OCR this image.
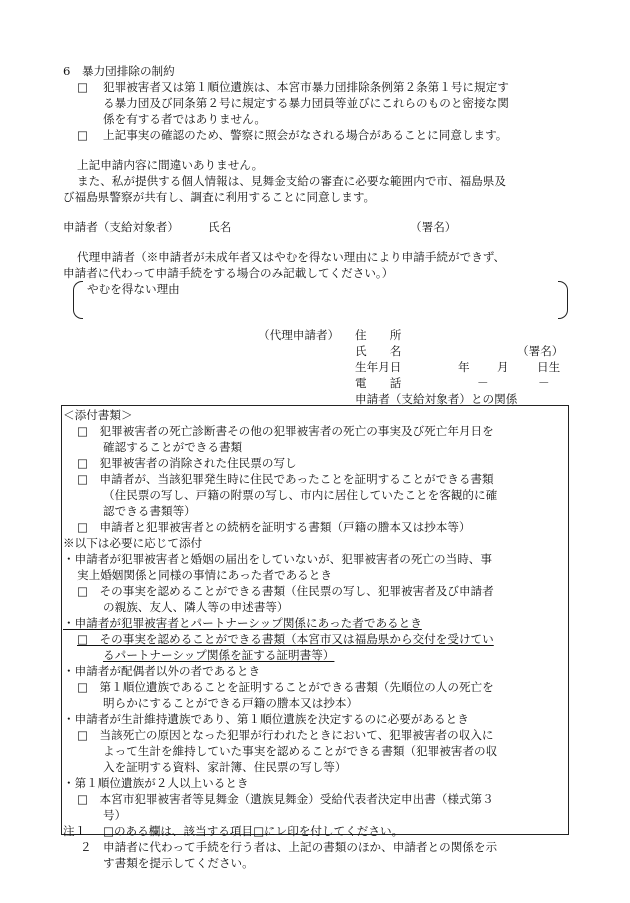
6　暴力団排除の制約
□ 犯罪被害者又は第１順位遺族は、本宮市暴力団排除条例第２条第１号に規定す
る暴力団及び同条第２号に規定する暴力団員等並びにこれらのものと密接な関
係を有する者ではありません。
□ 上記事実の確認のため、警察に照会がなされる場合があることに同意します。
上記申請内容に間違いありません。
また、私が提供する個人情報は、見舞金支給の審査に必要な範囲内で市、福島県及
び福島県警察が共有し、調査に利用することに同意します。
申請者（支給対象者）	氏名	（署名）
代理申請者（※申請者が未成年者又はやむを得ない理由により申請手続ができず、
申請者に代わって申請手続をする場合のみ記載してください。）
やむを得ない理由
（代理申請者） 住　　所
氏　　名	（署名）
生年月日	年 月 日生
電　　話	－	－
申請者（支給対象者）との関係
＜添付書類＞
□　犯罪被害者の死亡診断書その他の犯罪被害者の死亡の事実及び死亡年月日を
確認することができる書類
□　犯罪被害者の消除された住民票の写し
□　申請者が、当該犯罪発生時に住民であったことを証明することができる書類
（住民票の写し、戸籍の附票の写し、市内に居住していたことを客観的に確
認できる書類等）
□　申請者と犯罪被害者との続柄を証明する書類（戸籍の謄本又は抄本等）
※以下は必要に応じて添付
・申請者が犯罪被害者と婚姻の届出をしていないが、犯罪被害者の死亡の当時、事
実上婚姻関係と同様の事情にあった者であるとき
□　その事実を認めることができる書類（住民票の写し、犯罪被害者及び申請者
の親族、友人、隣人等の申述書等）
・申請者が犯罪被害者とパートナーシップ関係にあった者であるとき
□　その事実を認めることができる書類（本宮市又は福島県から交付を受けてい
るパートナーシップ関係を証する証明書等）
・申請者が配偶者以外の者であるとき
□　第１順位遺族であることを証明することができる書類（先順位の人の死亡を
明らかにすることができる戸籍の謄本又は抄本）
・申請者が生計維持遺族であり、第１順位遺族を決定するのに必要があるとき
□　当該死亡の原因となった犯罪が行われたときにおいて、犯罪被害者の収入に
よって生計を維持していた事実を認めることができる書類（犯罪被害者の収
入を証明する資料、家計簿、住民票の写し等）
・第１順位遺族が２人以上いるとき
□　本宮市犯罪被害者等見舞金（遺族見舞金）受給代表者決定申出書（様式第３
号）
注１ □のある欄は、該当する項目□にレ印を付してください。
２ 申請者に代わって手続を行う者は、上記の書類のほか、申請者との関係を示
す書類を提示してください。
